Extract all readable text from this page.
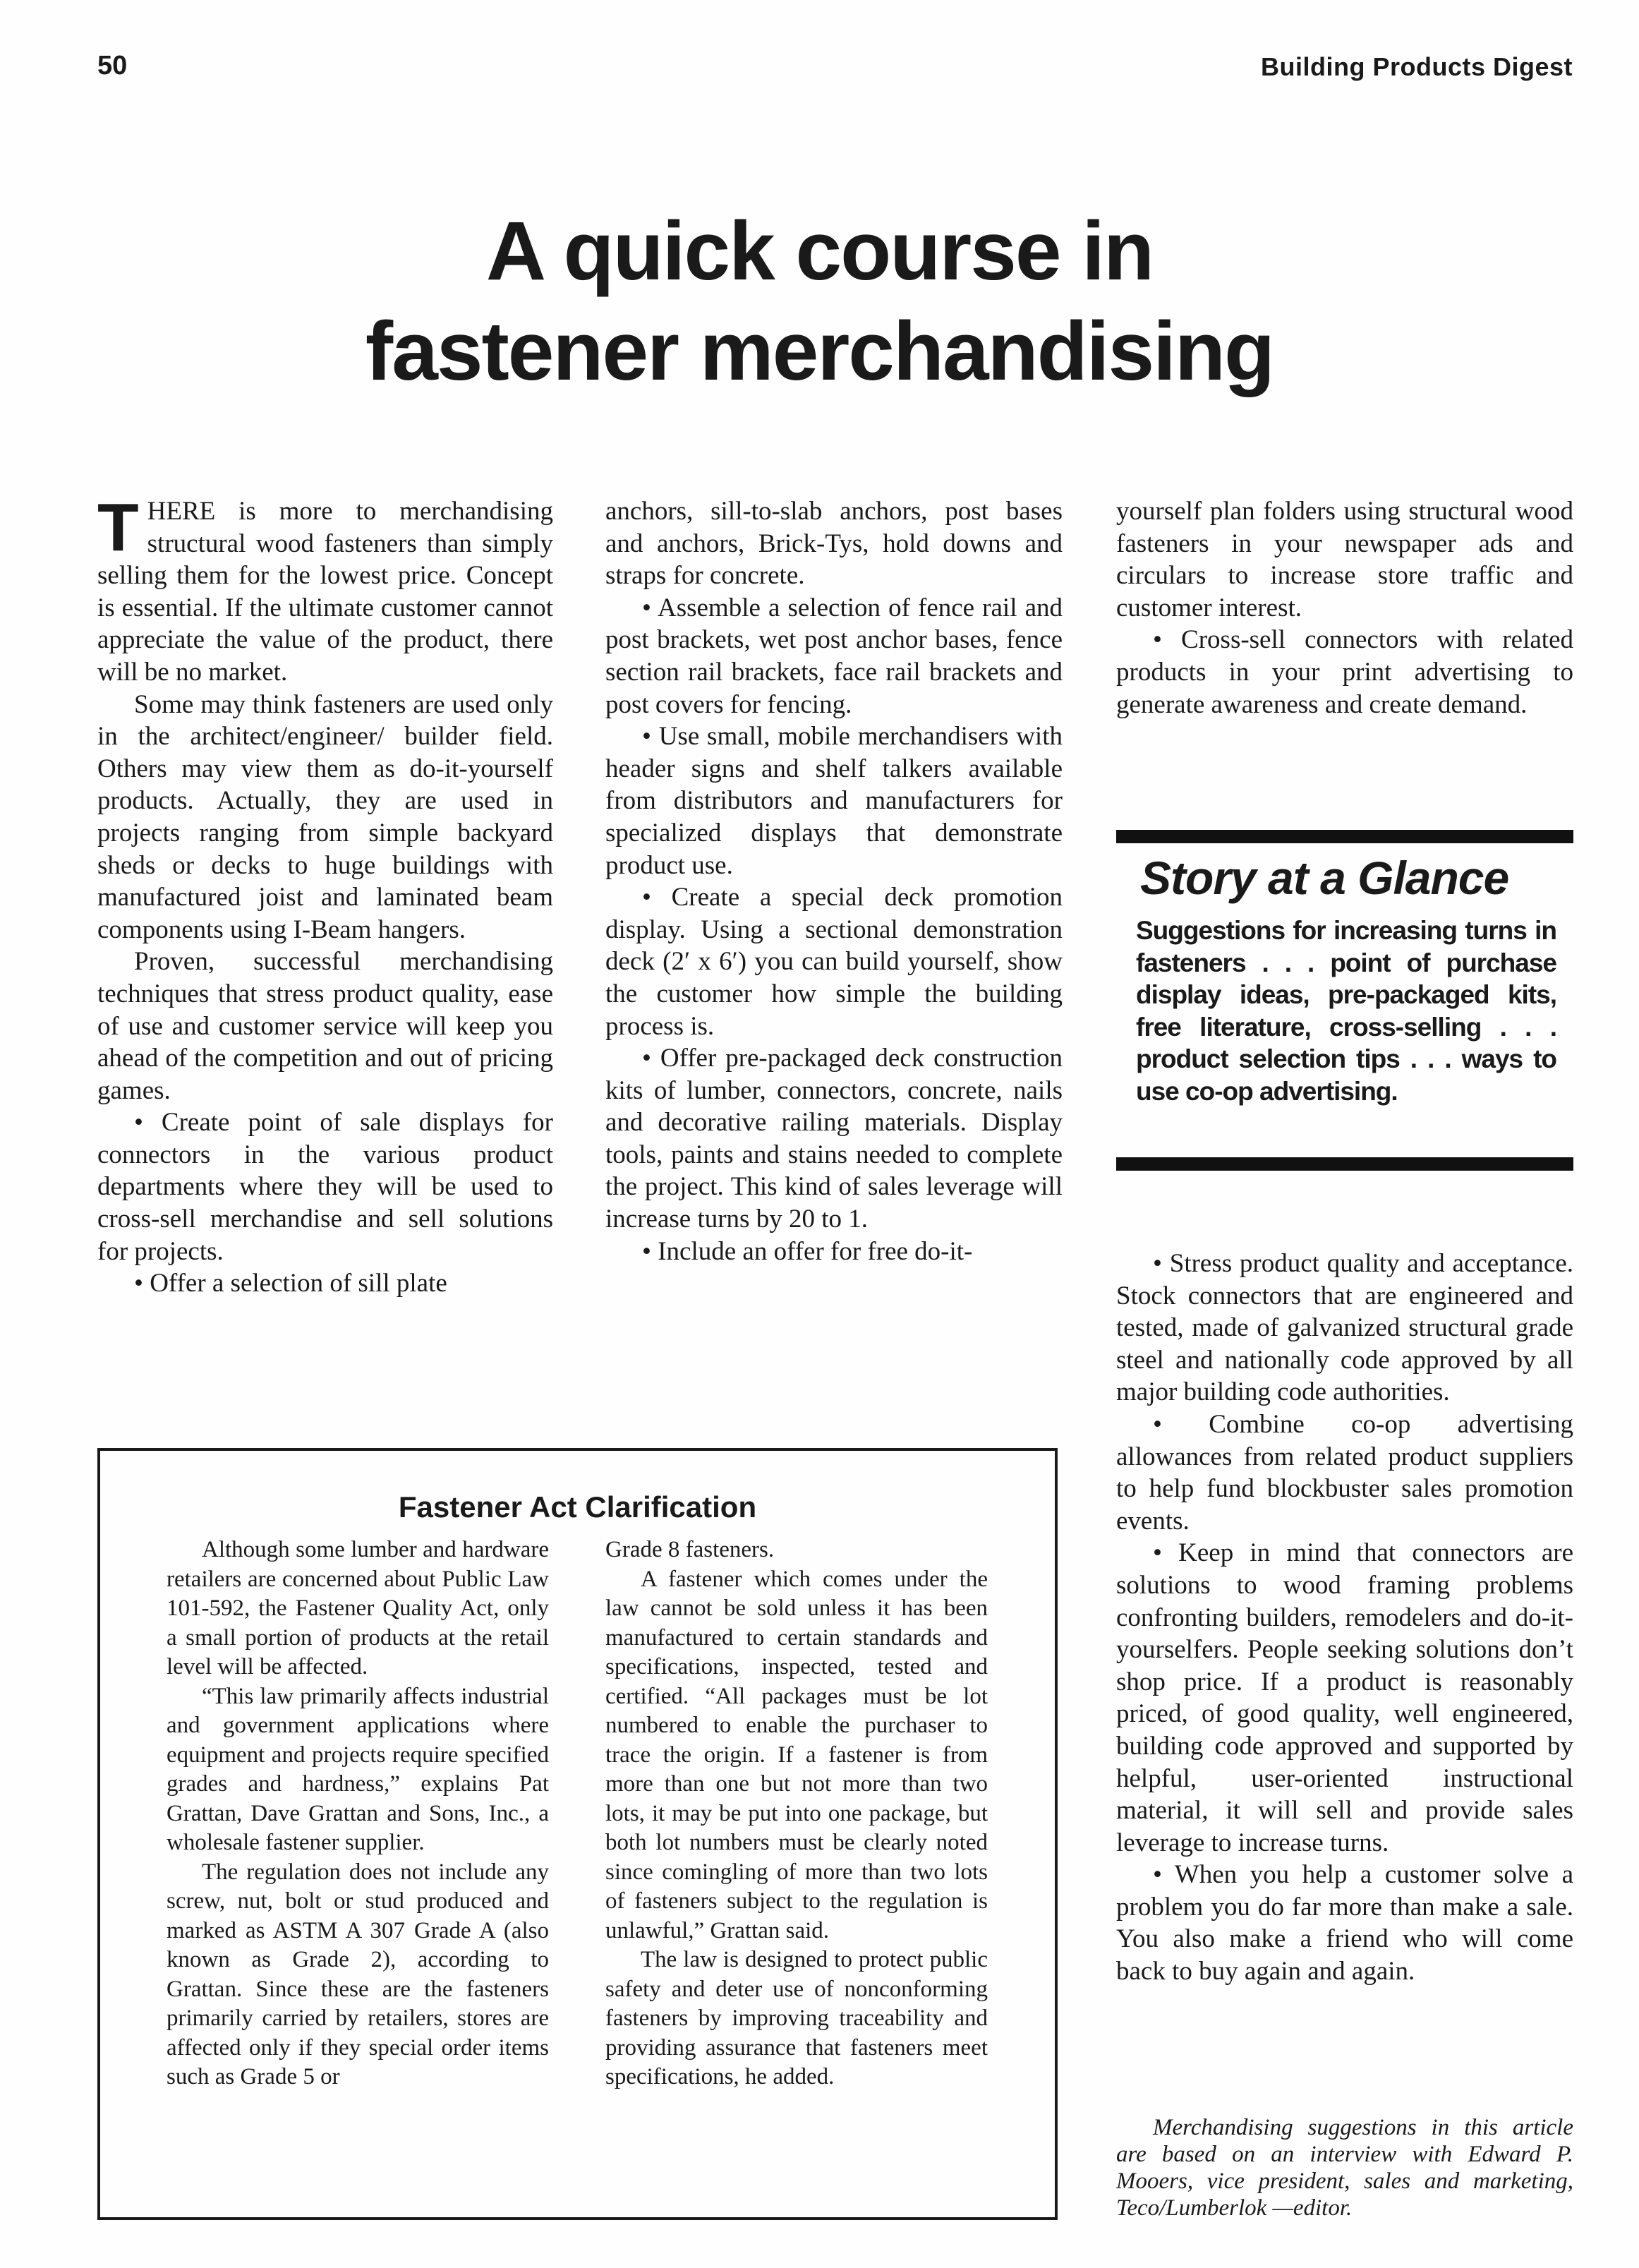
50	Building Products Digest
A quick course in
fastener merchandising

THERE is more to merchandising structural wood fasteners than simply selling them for the lowest price. Concept is essential. If the ultimate customer cannot appreciate the value of the product, there will be no market.

Some may think fasteners are used only in the architect/engineer/ builder field. Others may view them as do-it-yourself products. Actually, they are used in projects ranging from simple backyard sheds or decks to huge buildings with manufactured joist and laminated beam components using I-Beam hangers.

Proven, successful merchandising techniques that stress product quality, ease of use and customer service will keep you ahead of the competition and out of pricing games.

• Create point of sale displays for connectors in the various product departments where they will be used to cross-sell merchandise and sell solutions for projects.

• Offer a selection of sill plate

anchors, sill-to-slab anchors, post bases and anchors, Brick-Tys, hold downs and straps for concrete.

• Assemble a selection of fence rail and post brackets, wet post anchor bases, fence section rail brackets, face rail brackets and post covers for fencing.

• Use small, mobile merchandisers with header signs and shelf talkers available from distributors and manufacturers for specialized displays that demonstrate product use.

• Create a special deck promotion display. Using a sectional demonstration deck (2′ x 6′) you can build yourself, show the customer how simple the building process is.

• Offer pre-packaged deck construction kits of lumber, connectors, concrete, nails and decorative railing materials. Display tools, paints and stains needed to complete the project. This kind of sales leverage will increase turns by 20 to 1.

• Include an offer for free do-it-

yourself plan folders using structural wood fasteners in your newspaper ads and circulars to increase store traffic and customer interest.

• Cross-sell connectors with related products in your print advertising to generate awareness and create demand.

Story at a Glance

Suggestions for increasing turns in fasteners . . . point of purchase display ideas, pre-packaged kits, free literature, cross-selling . . . product selection tips . . . ways to use co-op advertising.

• Stress product quality and acceptance. Stock connectors that are engineered and tested, made of galvanized structural grade steel and nationally code approved by all major building code authorities.

• Combine co-op advertising allowances from related product suppliers to help fund blockbuster sales promotion events.

• Keep in mind that connectors are solutions to wood framing problems confronting builders, remodelers and do-it-yourselfers. People seeking solutions don’t shop price. If a product is reasonably priced, of good quality, well engineered, building code approved and supported by helpful, user-oriented instructional material, it will sell and provide sales leverage to increase turns.

• When you help a customer solve a problem you do far more than make a sale. You also make a friend who will come back to buy again and again.

Fastener Act Clarification

Although some lumber and hardware retailers are concerned about Public Law 101-592, the Fastener Quality Act, only a small portion of products at the retail level will be affected.

“This law primarily affects industrial and government applications where equipment and projects require specified grades and hardness,” explains Pat Grattan, Dave Grattan and Sons, Inc., a wholesale fastener supplier.

The regulation does not include any screw, nut, bolt or stud produced and marked as ASTM A 307 Grade A (also known as Grade 2), according to Grattan. Since these are the fasteners primarily carried by retailers, stores are affected only if they special order items such as Grade 5 or

Grade 8 fasteners.

A fastener which comes under the law cannot be sold unless it has been manufactured to certain standards and specifications, inspected, tested and certified. “All packages must be lot numbered to enable the purchaser to trace the origin. If a fastener is from more than one but not more than two lots, it may be put into one package, but both lot numbers must be clearly noted since comingling of more than two lots of fasteners subject to the regulation is unlawful,” Grattan said.

The law is designed to protect public safety and deter use of nonconforming fasteners by improving traceability and providing assurance that fasteners meet specifications, he added.

Merchandising suggestions in this article are based on an interview with Edward P. Mooers, vice president, sales and marketing, Teco/Lumberlok —editor.
